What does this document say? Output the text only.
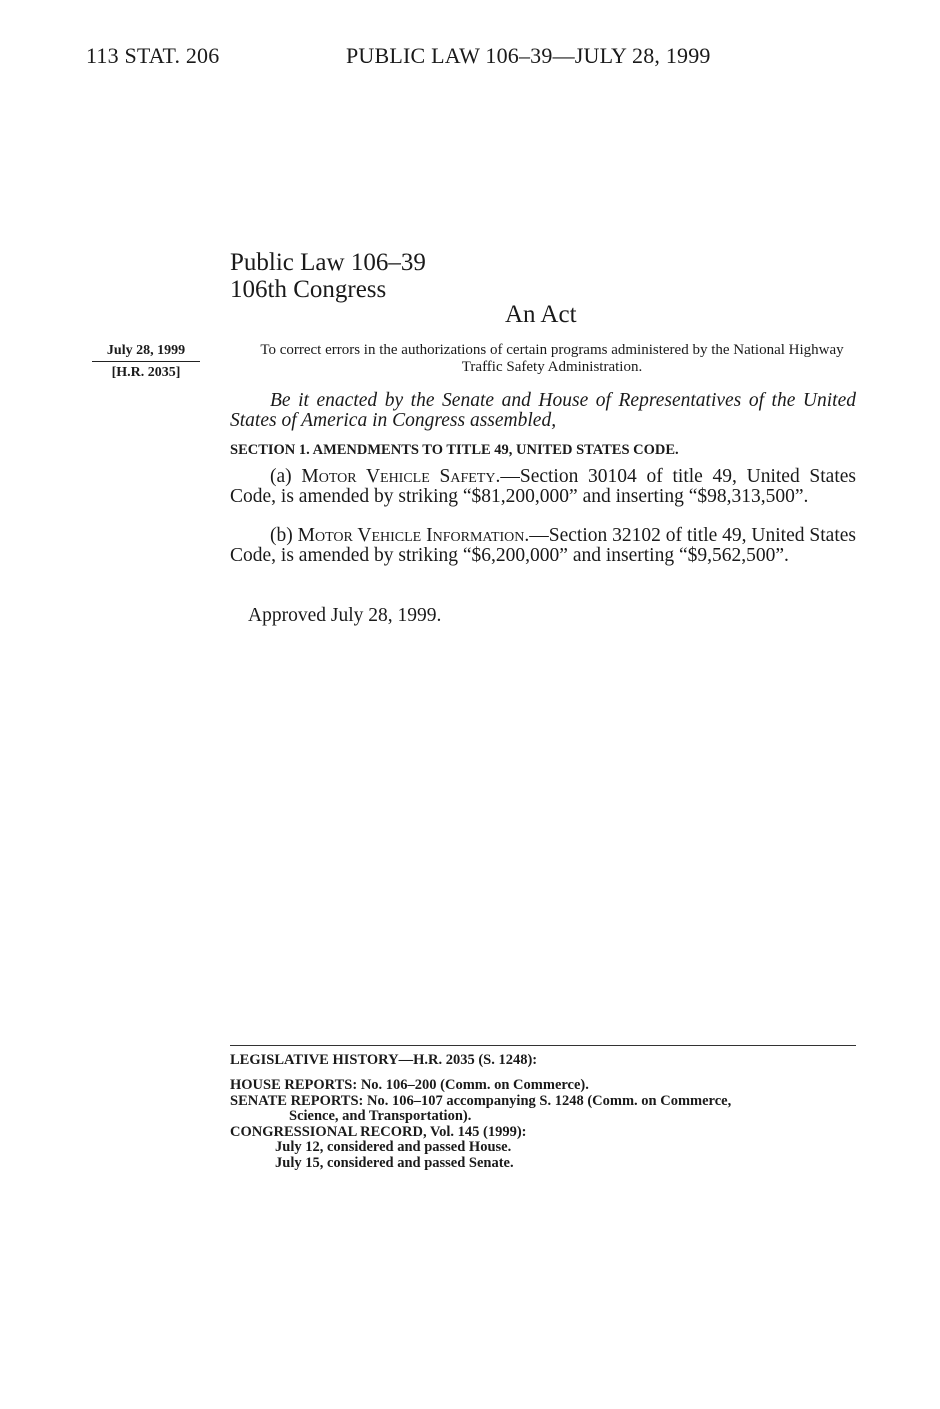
113 STAT. 206	PUBLIC LAW 106–39—JULY 28, 1999
Public Law 106–39
106th Congress
An Act
July 28, 1999
[H.R. 2035]
To correct errors in the authorizations of certain programs administered by the National Highway Traffic Safety Administration.
Be it enacted by the Senate and House of Representatives of the United States of America in Congress assembled,
SECTION 1. AMENDMENTS TO TITLE 49, UNITED STATES CODE.
(a) Motor Vehicle Safety.—Section 30104 of title 49, United States Code, is amended by striking “$81,200,000” and inserting “$98,313,500”.
(b) Motor Vehicle Information.—Section 32102 of title 49, United States Code, is amended by striking “$6,200,000” and inserting “$9,562,500”.
Approved July 28, 1999.
LEGISLATIVE HISTORY—H.R. 2035 (S. 1248):
HOUSE REPORTS: No. 106–200 (Comm. on Commerce).
SENATE REPORTS: No. 106–107 accompanying S. 1248 (Comm. on Commerce,
Science, and Transportation).
CONGRESSIONAL RECORD, Vol. 145 (1999):
July 12, considered and passed House.
July 15, considered and passed Senate.
